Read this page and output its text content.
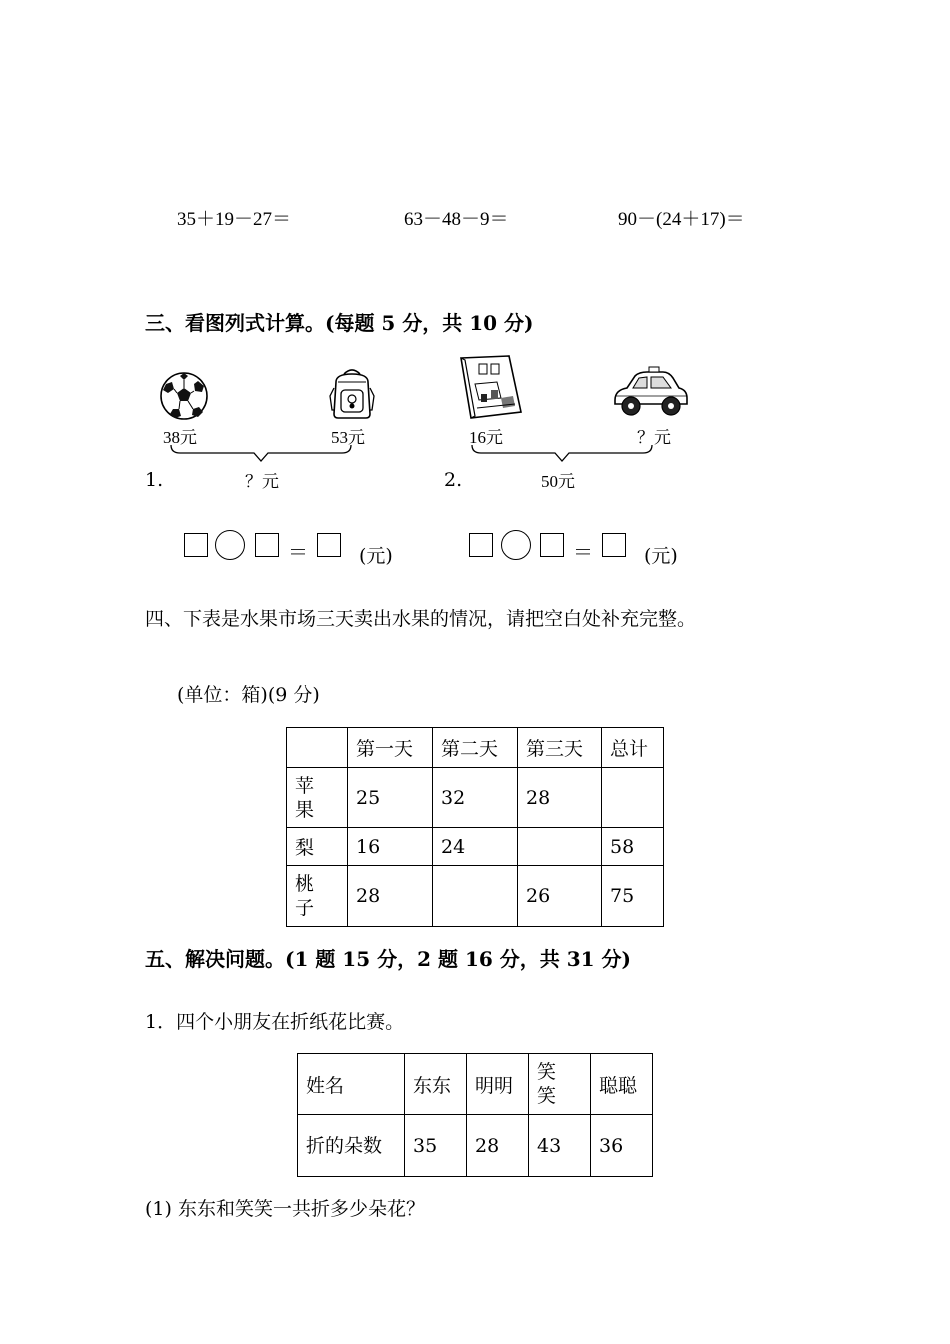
35＋19－27＝	63－48－9＝	90－(24＋17)＝
三、看图列式计算。(每题 5 分，共 10 分)
38元	53元
？元
1.
16元	？元
50元
2.
＝	(元)	＝	(元)
四、下表是水果市场三天卖出水果的情况，请把空白处补充完整。
(单位：箱)(9 分)
	第一天	第二天	第三天	总计

苹果	25	32	28	
梨	16	24		58

桃子	28		26	75
五、解决问题。(1 题 15 分，2 题 16 分，共 31 分)
1．四个小朋友在折纸花比赛。
姓名	东东	明明	笑笑	聪聪

折的朵数	35	28	43	36
(1) 东东和笑笑一共折多少朵花？
